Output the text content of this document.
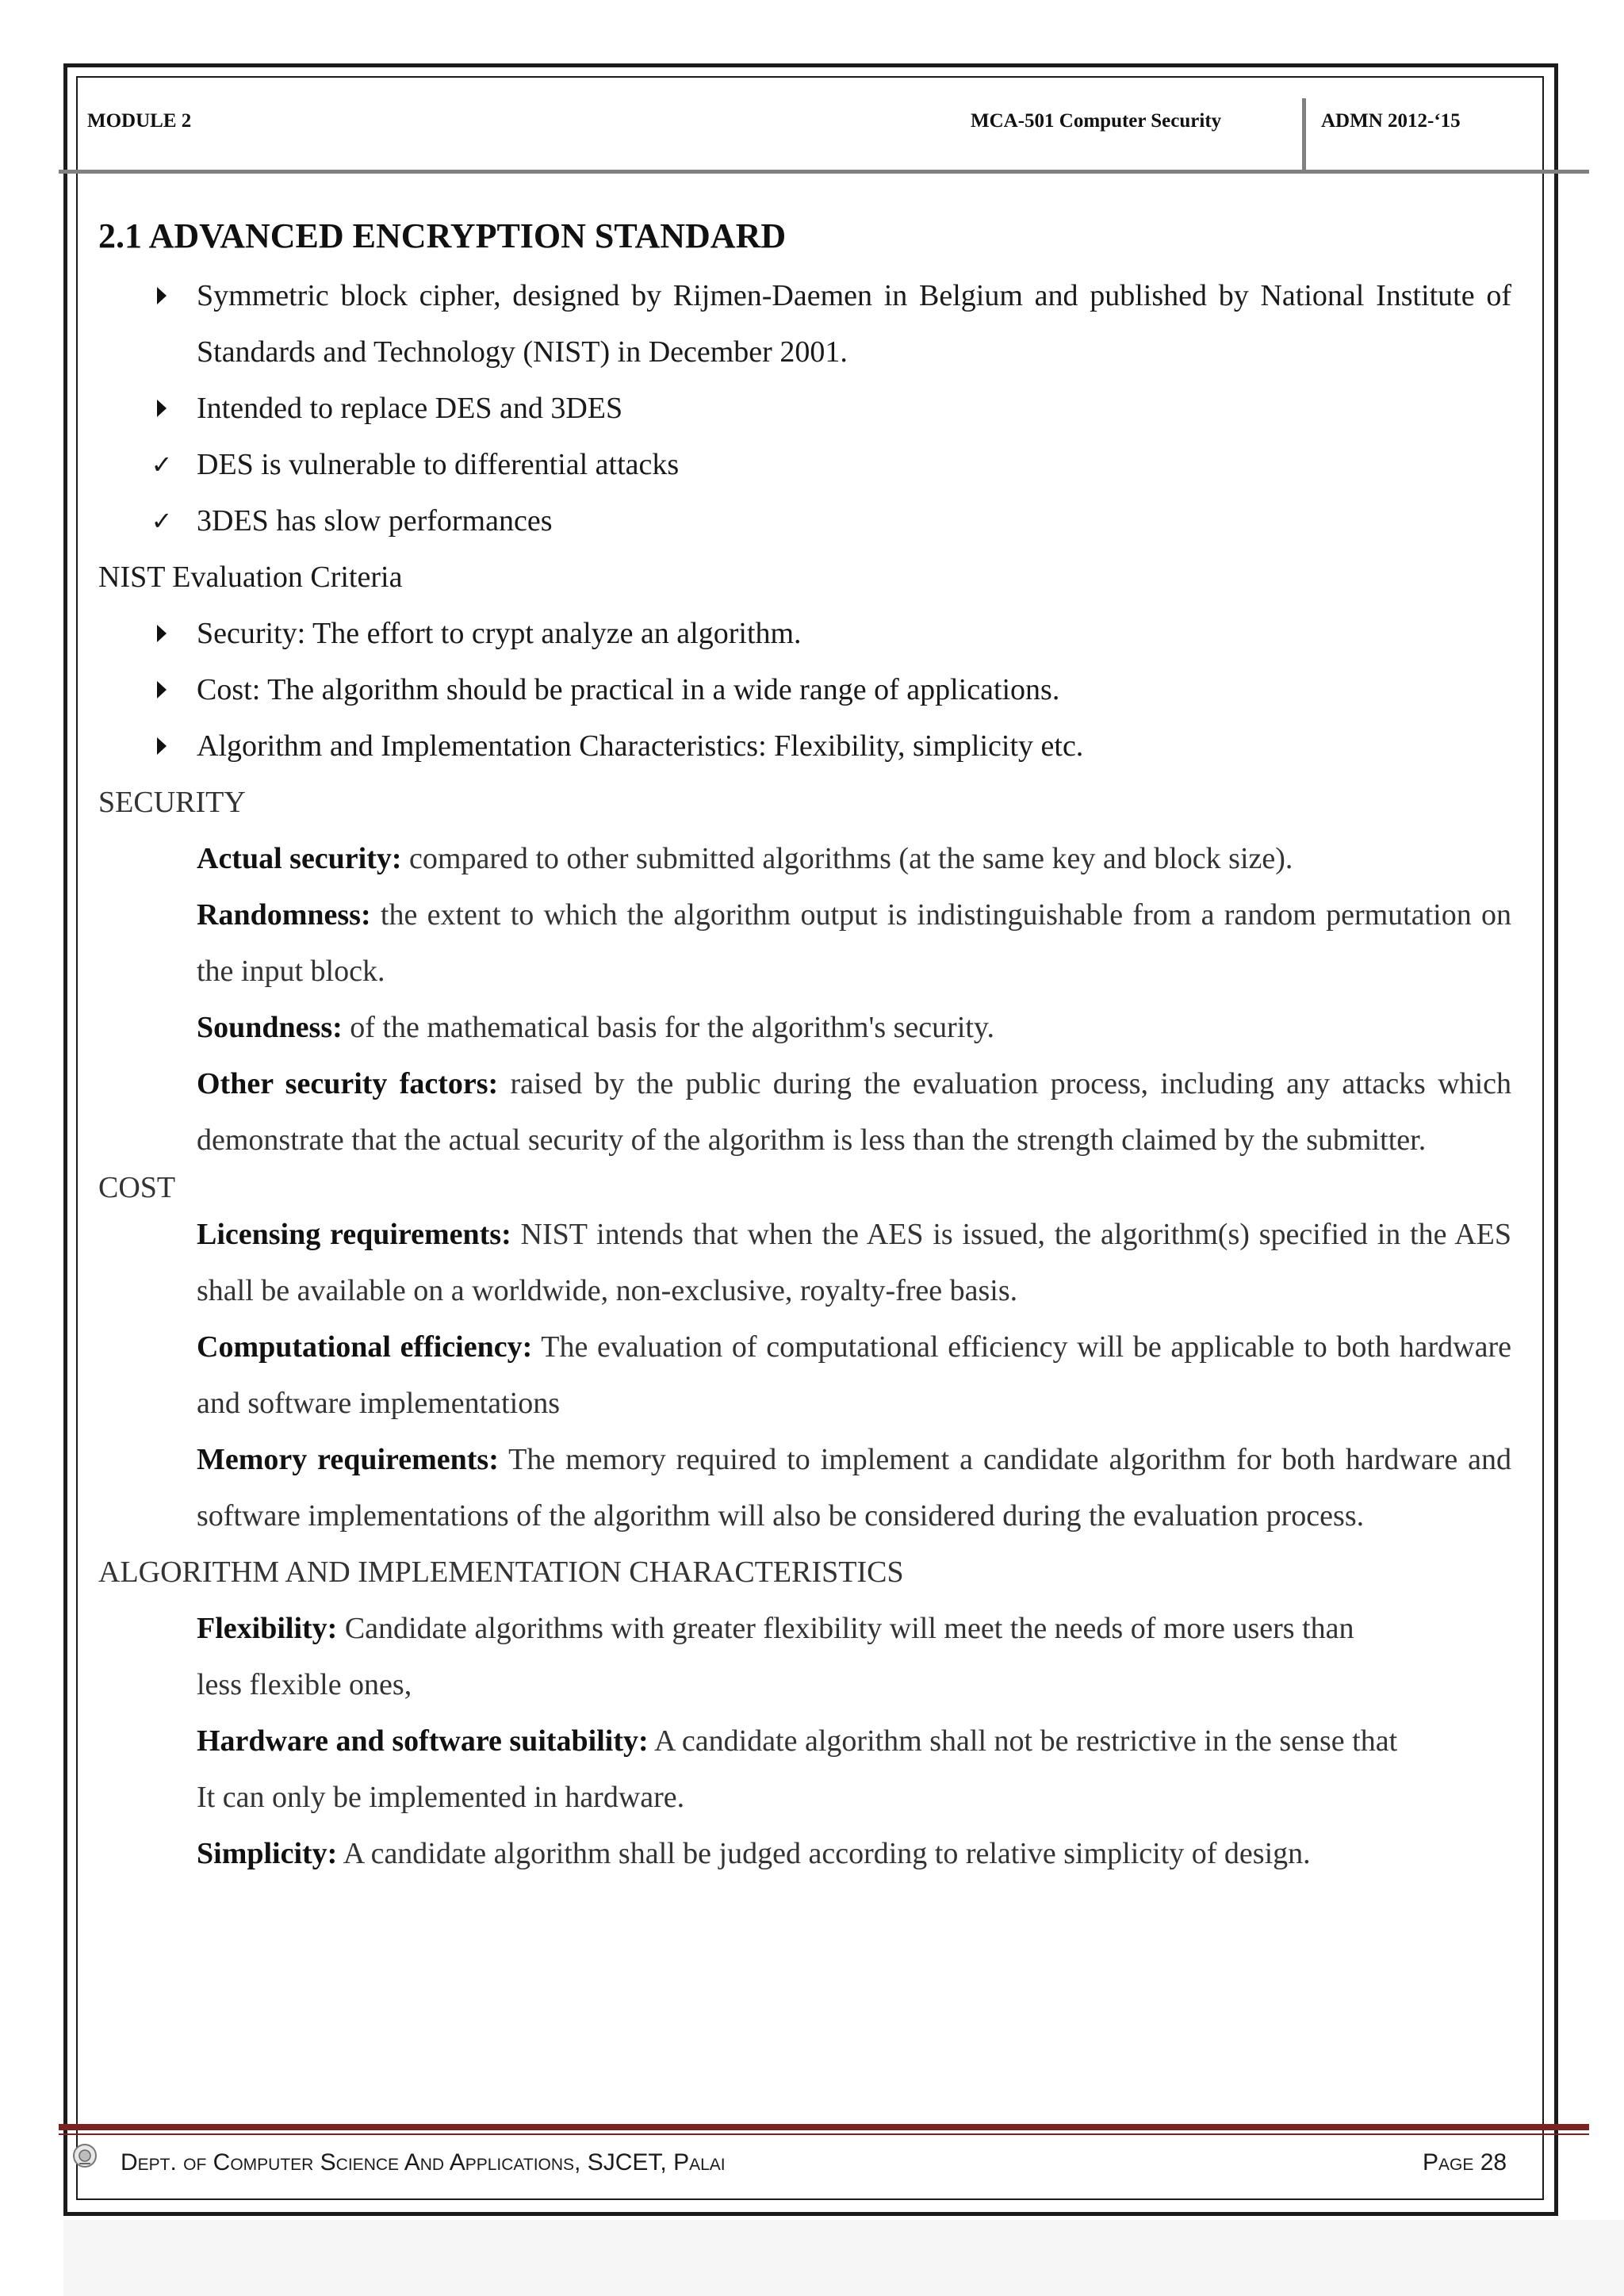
MODULE 2	MCA-501 Computer Security	ADMN 2012-‘15
2.1 ADVANCED ENCRYPTION STANDARD
Symmetric block cipher, designed by Rijmen-Daemen in Belgium and published by National Institute of Standards and Technology (NIST) in December 2001.
Intended to replace DES and 3DES
✓ DES is vulnerable to differential attacks
✓ 3DES has slow performances
NIST Evaluation Criteria
Security: The effort to crypt analyze an algorithm.
Cost: The algorithm should be practical in a wide range of applications.
Algorithm and Implementation Characteristics: Flexibility, simplicity etc.
SECURITY
Actual security: compared to other submitted algorithms (at the same key and block size).
Randomness: the extent to which the algorithm output is indistinguishable from a random permutation on the input block.
Soundness: of the mathematical basis for the algorithm's security.
Other security factors: raised by the public during the evaluation process, including any attacks which demonstrate that the actual security of the algorithm is less than the strength claimed by the submitter.
COST
Licensing requirements: NIST intends that when the AES is issued, the algorithm(s) specified in the AES shall be available on a worldwide, non-exclusive, royalty-free basis.
Computational efficiency: The evaluation of computational efficiency will be applicable to both hardware and software implementations
Memory requirements: The memory required to implement a candidate algorithm for both hardware and software implementations of the algorithm will also be considered during the evaluation process.
ALGORITHM AND IMPLEMENTATION CHARACTERISTICS
Flexibility: Candidate algorithms with greater flexibility will meet the needs of more users than
less flexible ones,
Hardware and software suitability: A candidate algorithm shall not be restrictive in the sense that
It can only be implemented in hardware.
Simplicity: A candidate algorithm shall be judged according to relative simplicity of design.
Dept. of Computer Science And Applications, SJCET, Palai	Page 28
